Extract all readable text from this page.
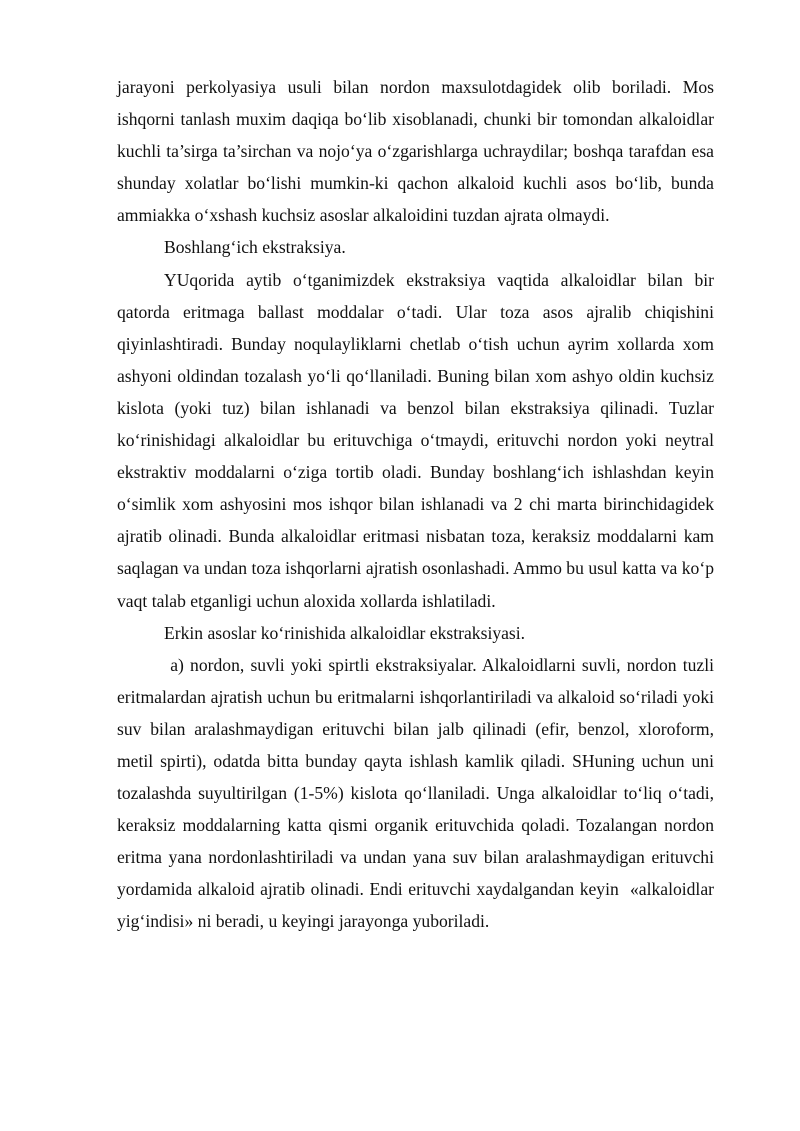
jarayoni perkolyasiya usuli bilan nordon maxsulotdagidek olib boriladi. Mos ishqorni tanlash muxim daqiqa bo‘lib xisoblanadi, chunki bir tomondan alkaloidlar kuchli ta’sirga ta’sirchan va nojo‘ya o‘zgarishlarga uchraydilar; boshqa tarafdan esa shunday xolatlar bo‘lishi mumkin-ki qachon alkaloid kuchli asos bo‘lib, bunda ammiakka o‘xshash kuchsiz asoslar alkaloidini tuzdan ajrata olmaydi.

Boshlang‘ich ekstraksiya.

YUqorida aytib o‘tganimizdek ekstraksiya vaqtida alkaloidlar bilan bir qatorda eritmaga ballast moddalar o‘tadi. Ular toza asos ajralib chiqishini qiyinlashtiradi. Bunday noqulayliklarni chetlab o‘tish uchun ayrim xollarda xom ashyoni oldindan tozalash yo‘li qo‘llaniladi. Buning bilan xom ashyo oldin kuchsiz kislota (yoki tuz) bilan ishlanadi va benzol bilan ekstraksiya qilinadi. Tuzlar ko‘rinishidagi alkaloidlar bu erituvchiga o‘tmaydi, erituvchi nordon yoki neytral ekstraktiv moddalarni o‘ziga tortib oladi. Bunday boshlang‘ich ishlashdan keyin o‘simlik xom ashyosini mos ishqor bilan ishlanadi va 2 chi marta birinchidagidek ajratib olinadi. Bunda alkaloidlar eritmasi nisbatan toza, keraksiz moddalarni kam saqlagan va undan toza ishqorlarni ajratish osonlashadi. Ammo bu usul katta va ko‘p vaqt talab etganligi uchun aloxida xollarda ishlatiladi.

Erkin asoslar ko‘rinishida alkaloidlar ekstraksiyasi.

a) nordon, suvli yoki spirtli ekstraksiyalar. Alkaloidlarni suvli, nordon tuzli eritmalardan ajratish uchun bu eritmalarni ishqorlantiriladi va alkaloid so‘riladi yoki suv bilan aralashmaydigan erituvchi bilan jalb qilinadi (efir, benzol, xloroform, metil spirti), odatda bitta bunday qayta ishlash kamlik qiladi. SHuning uchun uni tozalashda suyultirilgan (1-5%) kislota qo‘llaniladi. Unga alkaloidlar to‘liq o‘tadi, keraksiz moddalarning katta qismi organik erituvchida qoladi. Tozalangan nordon eritma yana nordonlashtiriladi va undan yana suv bilan aralashmaydigan erituvchi yordamida alkaloid ajratib olinadi. Endi erituvchi xaydalgandan keyin  «alkaloidlar yig‘indisi» ni beradi, u keyingi jarayonga yuboriladi.
